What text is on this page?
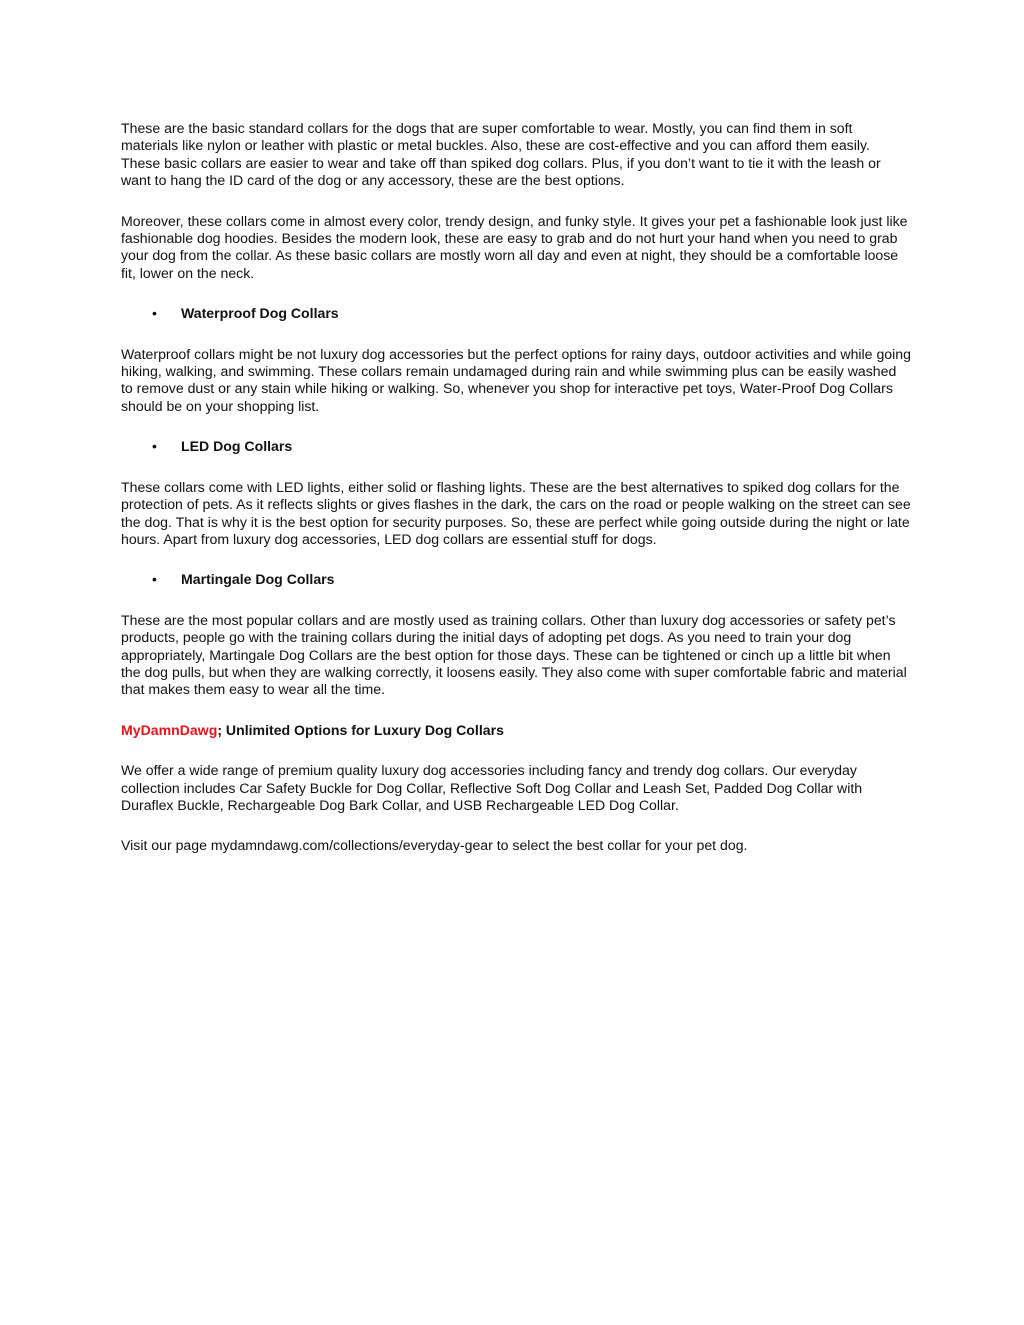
These are the basic standard collars for the dogs that are super comfortable to wear. Mostly, you can find them in soft materials like nylon or leather with plastic or metal buckles. Also, these are cost-effective and you can afford them easily. These basic collars are easier to wear and take off than spiked dog collars. Plus, if you don’t want to tie it with the leash or want to hang the ID card of the dog or any accessory, these are the best options.

Moreover, these collars come in almost every color, trendy design, and funky style. It gives your pet a fashionable look just like fashionable dog hoodies. Besides the modern look, these are easy to grab and do not hurt your hand when you need to grab your dog from the collar. As these basic collars are mostly worn all day and even at night, they should be a comfortable loose fit, lower on the neck.

• Waterproof Dog Collars

Waterproof collars might be not luxury dog accessories but the perfect options for rainy days, outdoor activities and while going hiking, walking, and swimming. These collars remain undamaged during rain and while swimming plus can be easily washed to remove dust or any stain while hiking or walking. So, whenever you shop for interactive pet toys, Water-Proof Dog Collars should be on your shopping list.

• LED Dog Collars

These collars come with LED lights, either solid or flashing lights. These are the best alternatives to spiked dog collars for the protection of pets. As it reflects slights or gives flashes in the dark, the cars on the road or people walking on the street can see the dog. That is why it is the best option for security purposes. So, these are perfect while going outside during the night or late hours. Apart from luxury dog accessories, LED dog collars are essential stuff for dogs.

• Martingale Dog Collars

These are the most popular collars and are mostly used as training collars. Other than luxury dog accessories or safety pet’s products, people go with the training collars during the initial days of adopting pet dogs. As you need to train your dog appropriately, Martingale Dog Collars are the best option for those days. These can be tightened or cinch up a little bit when the dog pulls, but when they are walking correctly, it loosens easily. They also come with super comfortable fabric and material that makes them easy to wear all the time.

MyDamnDawg; Unlimited Options for Luxury Dog Collars

We offer a wide range of premium quality luxury dog accessories including fancy and trendy dog collars. Our everyday collection includes Car Safety Buckle for Dog Collar, Reflective Soft Dog Collar and Leash Set, Padded Dog Collar with Duraflex Buckle, Rechargeable Dog Bark Collar, and USB Rechargeable LED Dog Collar.

Visit our page mydamndawg.com/collections/everyday-gear to select the best collar for your pet dog.
